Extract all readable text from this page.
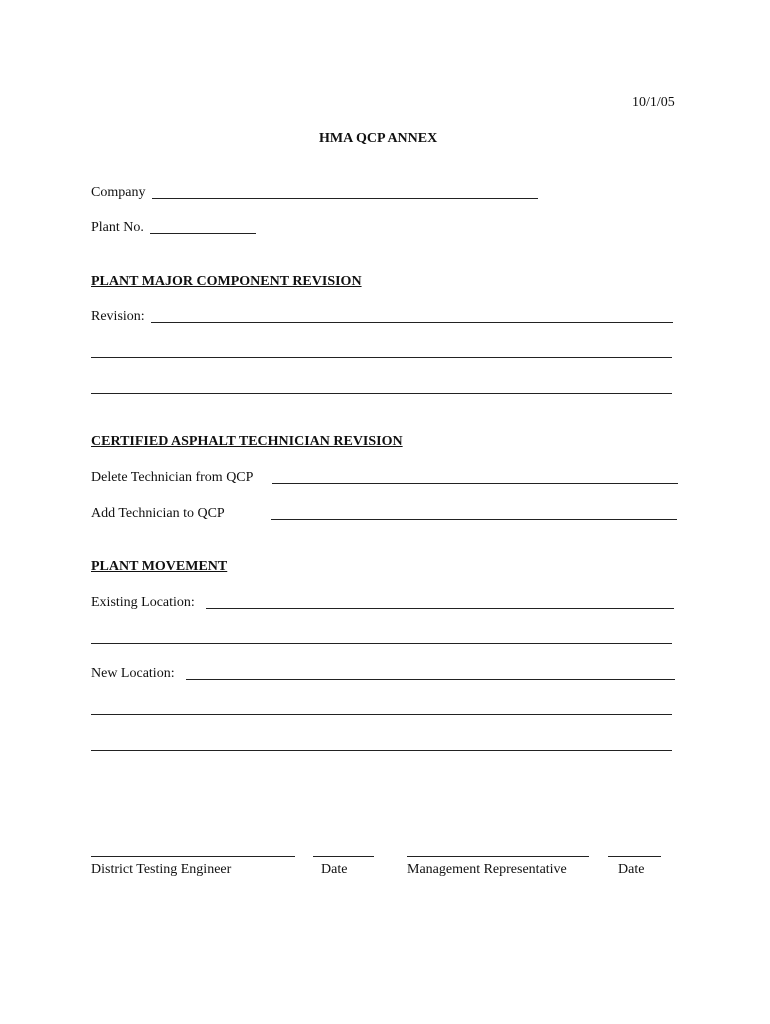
10/1/05
HMA QCP ANNEX
Company
Plant No.
PLANT MAJOR COMPONENT REVISION
Revision:
CERTIFIED ASPHALT TECHNICIAN REVISION
Delete Technician from QCP
Add Technician to QCP
PLANT MOVEMENT
Existing Location:
New Location:
District Testing Engineer	Date	Management Representative	Date
